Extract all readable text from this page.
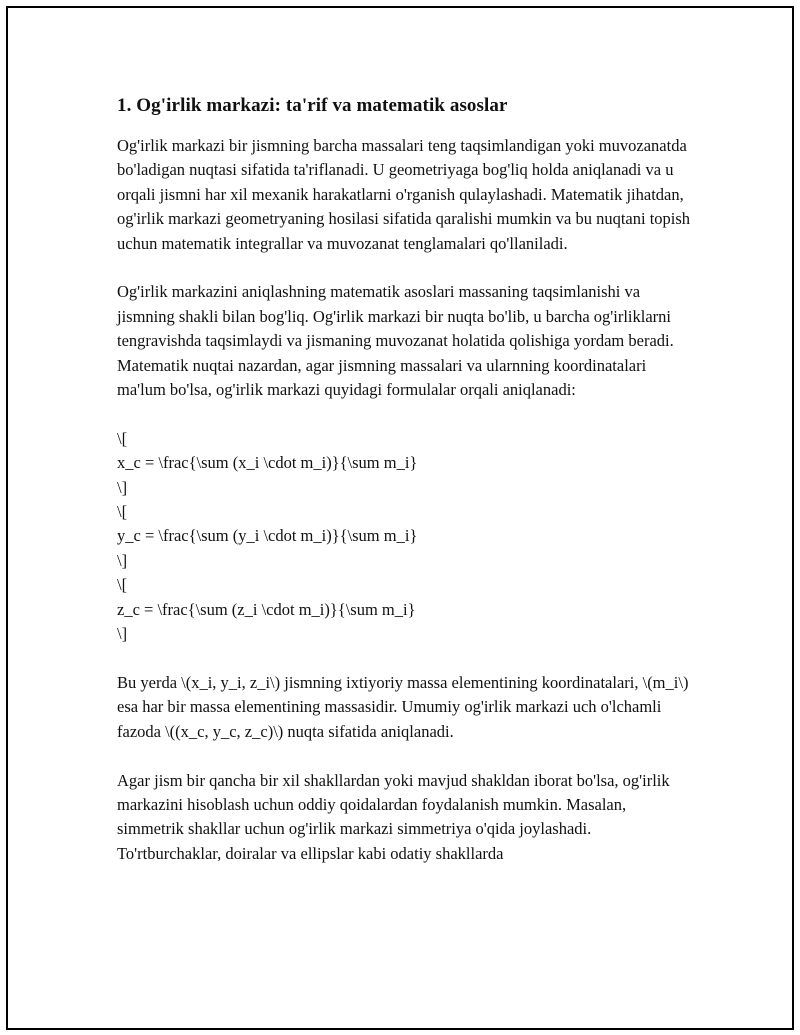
1. Og'irlik markazi: ta'rif va matematik asoslar

Og'irlik markazi bir jismning barcha massalari teng taqsimlandigan yoki muvozanatda bo'ladigan nuqtasi sifatida ta'riflanadi. U geometriyaga bog'liq holda aniqlanadi va u orqali jismni har xil mexanik harakatlarni o'rganish qulaylashadi. Matematik jihatdan, og'irlik markazi geometryaning hosilasi sifatida qaralishi mumkin va bu nuqtani topish uchun matematik integrallar va muvozanat tenglamalari qo'llaniladi.

Og'irlik markazini aniqlashning matematik asoslari massaning taqsimlanishi va jismning shakli bilan bog'liq. Og'irlik markazi bir nuqta bo'lib, u barcha og'irliklarni tengravishda taqsimlaydi va jismaning muvozanat holatida qolishiga yordam beradi. Matematik nuqtai nazardan, agar jismning massalari va ularnning koordinatalari ma'lum bo'lsa, og'irlik markazi quyidagi formulalar orqali aniqlanadi:

\[
x_c = \frac{\sum (x_i \cdot m_i)}{\sum m_i}
\]
\[
y_c = \frac{\sum (y_i \cdot m_i)}{\sum m_i}
\]
\[
z_c = \frac{\sum (z_i \cdot m_i)}{\sum m_i}
\]

Bu yerda \(x_i, y_i, z_i\) jismning ixtiyoriy massa elementining koordinatalari, \(m_i\) esa har bir massa elementining massasidir. Umumiy og'irlik markazi uch o'lchamli fazoda \((x_c, y_c, z_c)\) nuqta sifatida aniqlanadi.

Agar jism bir qancha bir xil shakllardan yoki mavjud shakldan iborat bo'lsa, og'irlik markazini hisoblash uchun oddiy qoidalardan foydalanish mumkin. Masalan, simmetrik shakllar uchun og'irlik markazi simmetriya o'qida joylashadi. To'rtburchaklar, doiralar va ellipslar kabi odatiy shakllarda
